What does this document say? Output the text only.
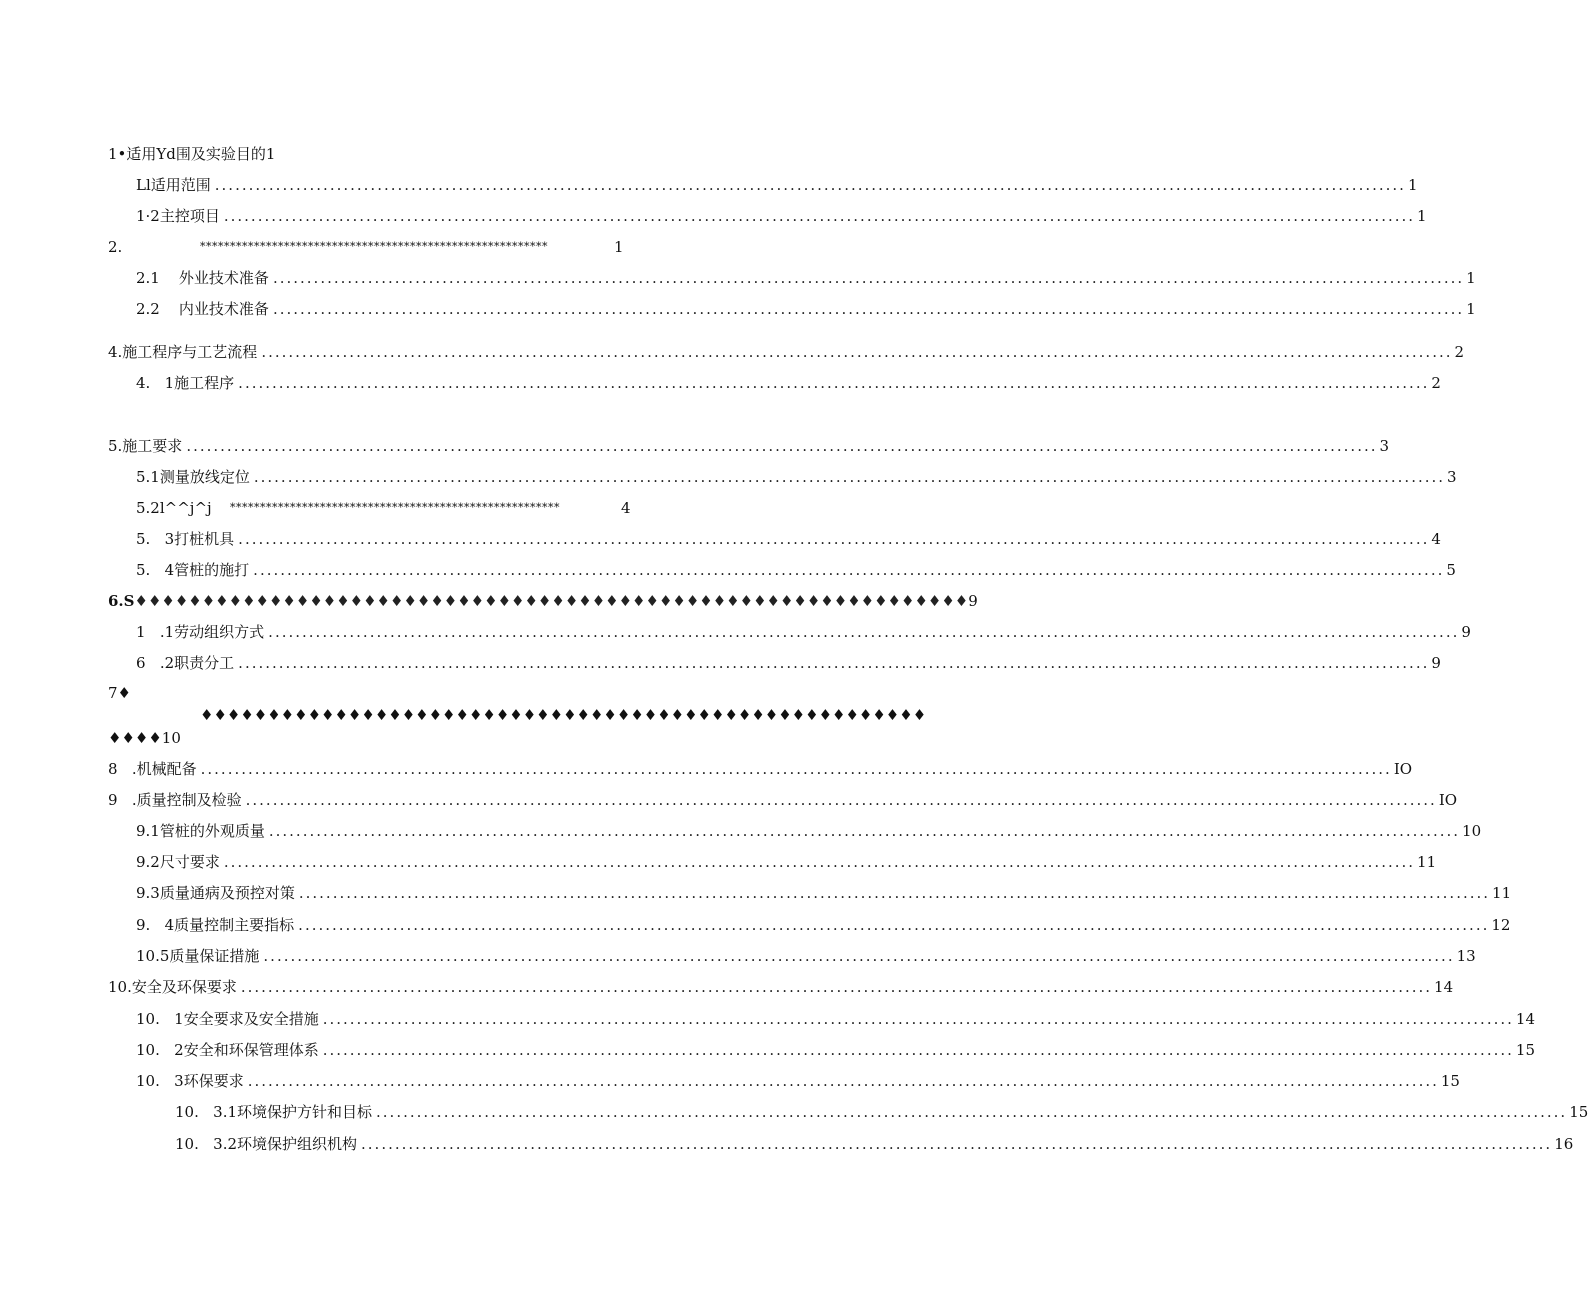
1•适用Yd围及实验目的1
Ll适用范围 ................................................................................................................................................................................ 1
1·2主控项目 ................................................................................................................................................................................ 1
2.	**********************************************************	1
2.1    外业技术准备 ................................................................................................................................................................................ 1
2.2    内业技术准备 ................................................................................................................................................................................ 1
4.施工程序与工艺流程 ................................................................................................................................................................................ 2
4.   1施工程序 ................................................................................................................................................................................ 2
5.施工要求 ................................................................................................................................................................................ 3
5.1测量放线定位 ................................................................................................................................................................................ 3
5.2l^^j^j *******************************************************	4
5.   3打桩机具 ................................................................................................................................................................................ 4
5.   4管桩的施打 ................................................................................................................................................................................ 5
6.S ♦♦♦♦♦♦♦♦♦♦♦♦♦♦♦♦♦♦♦♦♦♦♦♦♦♦♦♦♦♦♦♦♦♦♦♦♦♦♦♦♦♦♦♦♦♦♦♦♦♦♦♦♦♦♦♦♦♦♦♦♦♦ 9
1   .1劳动组织方式 ................................................................................................................................................................................ 9
6   .2职责分工 ................................................................................................................................................................................ 9
7♦
♦♦♦♦♦♦♦♦♦♦♦♦♦♦♦♦♦♦♦♦♦♦♦♦♦♦♦♦♦♦♦♦♦♦♦♦♦♦♦♦♦♦♦♦♦♦♦♦♦♦♦♦♦♦
♦♦♦♦10
8   .机械配备 ................................................................................................................................................................................ IO
9   .质量控制及检验 ................................................................................................................................................................................ IO
9.1管桩的外观质量 ................................................................................................................................................................................ 10
9.2尺寸要求 ................................................................................................................................................................................ 11
9.3质量通病及预控对策 ................................................................................................................................................................................ 11
9.   4质量控制主要指标 ................................................................................................................................................................................ 12
10.5质量保证措施 ................................................................................................................................................................................ 13
10.安全及环保要求 ................................................................................................................................................................................ 14
10.   1安全要求及安全措施 ................................................................................................................................................................................ 14
10.   2安全和环保管理体系 ................................................................................................................................................................................ 15
10.   3环保要求 ................................................................................................................................................................................ 15
10.   3.1环境保护方针和目标 ................................................................................................................................................................................ 15
10.   3.2环境保护组织机构 ................................................................................................................................................................................ 16
